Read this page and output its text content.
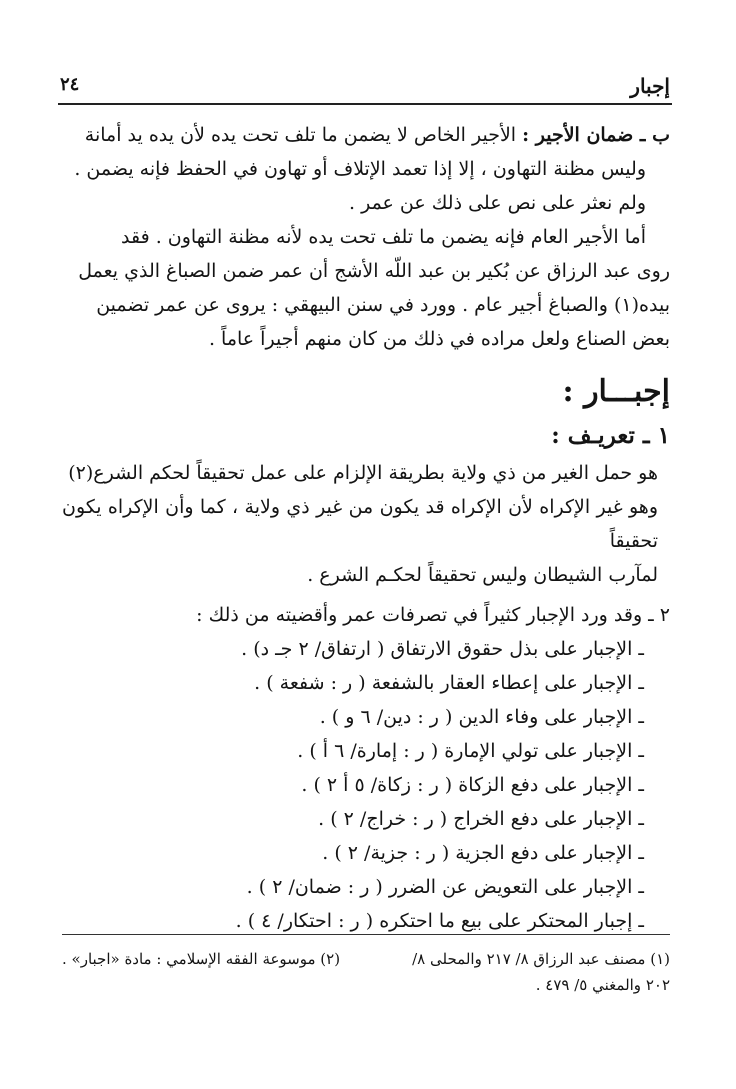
إجبار
٢٤

ب ـ ضمان الأجير : الأجير الخاص لا يضمن ما تلف تحت يده لأن يده يد أمانة

وليس مظنة التهاون ، إلا إذا تعمد الإتلاف أو تهاون في الحفظ فإنه يضمن .

ولم نعثر على نص على ذلك عن عمر .

أما الأجير العام فإنه يضمن ما تلف تحت يده لأنه مظنة التهاون . فقد

روى عبد الرزاق عن بُكير بن عبد اللّه الأشج أن عمر ضمن الصباغ الذي يعمل

بيده(١) والصباغ أجير عام . وورد في سنن البيهقي : يروى عن عمر تضمين

بعض الصناع ولعل مراده في ذلك من كان منهم أجيراً عاماً .

إجبـــار :
١ ـ تعريـف :

هو حمل الغير من ذي ولاية بطريقة الإلزام على عمل تحقيقاً لحكم الشرع(٢)

وهو غير الإكراه لأن الإكراه قد يكون من غير ذي ولاية ، كما وأن الإكراه يكون تحقيقاً

لمآرب الشيطان وليس تحقيقاً لحكـم الشرع .

٢ ـ وقد ورد الإجبار كثيراً في تصرفات عمر وأقضيته من ذلك :

ـ الإجبار على بذل حقوق الارتفاق ( ارتفاق/ ٢ جـ د) .
ـ الإجبار على إعطاء العقار بالشفعة ( ر : شفعة ) .
ـ الإجبار على وفاء الدين ( ر : دين/ ٦ و ) .
ـ الإجبار على تولي الإمارة ( ر : إمارة/ ٦ أ ) .
ـ الإجبار على دفع الزكاة ( ر : زكاة/ ٥ أ ٢ ) .
ـ الإجبار على دفع الخراج ( ر : خراج/ ٢ ) .
ـ الإجبار على دفع الجزية ( ر : جزية/ ٢ ) .
ـ الإجبار على التعويض عن الضرر ( ر : ضمان/ ٢ ) .
ـ إجبار المحتكر على بيع ما احتكره ( ر : احتكار/ ٤ ) .
(١) مصنف عبد الرزاق ٨/ ٢١٧ والمحلى ٨/
(٢) موسوعة الفقه الإسلامي : مادة «اجبار» .
٢٠٢ والمغني ٥/ ٤٧٩ .
